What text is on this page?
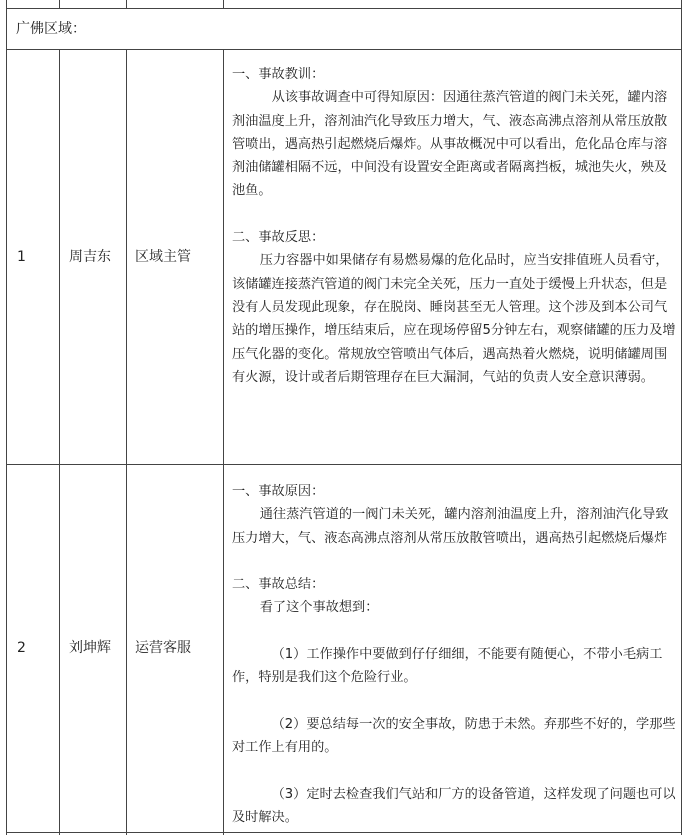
广佛区域：
1	周吉东 区域主管

一、事故教训：

从该事故调查中可得知原因：因通往蒸汽管道的阀门未关死，罐内溶剂油温度上升，溶剂油汽化导致压力增大，气、液态高沸点溶剂从常压放散管喷出，遇高热引起燃烧后爆炸。从事故概况中可以看出，危化品仓库与溶剂油储罐相隔不远，中间没有设置安全距离或者隔离挡板，城池失火，殃及池鱼。

二、事故反思：

压力容器中如果储存有易燃易爆的危化品时，应当安排值班人员看守，该储罐连接蒸汽管道的阀门未完全关死，压力一直处于缓慢上升状态，但是没有人员发现此现象，存在脱岗、睡岗甚至无人管理。这个涉及到本公司气站的增压操作，增压结束后，应在现场停留5分钟左右，观察储罐的压力及增压气化器的变化。常规放空管喷出气体后，遇高热着火燃烧，说明储罐周围有火源，设计或者后期管理存在巨大漏洞，气站的负责人安全意识薄弱。

2	刘坤辉 运营客服

一、事故原因：

通往蒸汽管道的一阀门未关死，罐内溶剂油温度上升，溶剂油汽化导致压力增大，气、液态高沸点溶剂从常压放散管喷出，遇高热引起燃烧后爆炸

二、事故总结：

看了这个事故想到：

（1）工作操作中要做到仔仔细细，不能要有随便心，不带小毛病工作，特别是我们这个危险行业。

（2）要总结每一次的安全事故，防患于未然。弃那些不好的，学那些对工作上有用的。

（3）定时去检查我们气站和厂方的设备管道，这样发现了问题也可以及时解决。
